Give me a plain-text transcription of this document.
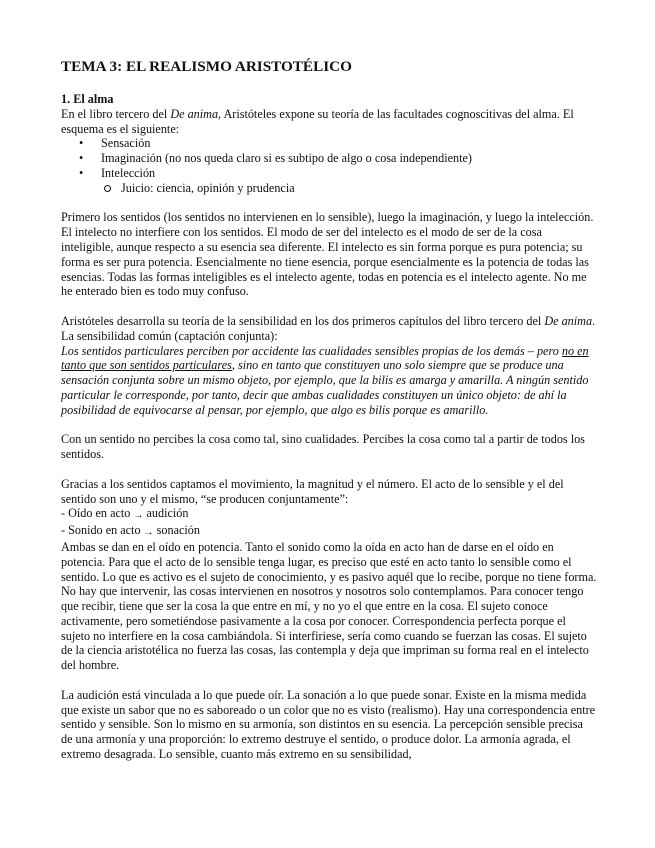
TEMA 3: EL REALISMO ARISTOTÉLICO
1. El alma

En el libro tercero del De anima, Aristóteles expone su teoría de las facultades cognoscitivas del alma. El esquema es el siguiente:

• Sensación
• Imaginación (no nos queda claro si es subtipo de algo o cosa independiente)
• Intelección
Juicio: ciencia, opinión y prudencia

Primero los sentidos (los sentidos no intervienen en lo sensible), luego la imaginación, y luego la intelección. El intelecto no interfiere con los sentidos. El modo de ser del intelecto es el modo de ser de la cosa inteligible, aunque respecto a su esencia sea diferente. El intelecto es sin forma porque es pura potencia; su forma es ser pura potencia. Esencialmente no tiene esencia, porque esencialmente es la potencia de todas las esencias. Todas las formas inteligibles es el intelecto agente, todas en potencia es el intelecto agente. No me he enterado bien es todo muy confuso.

Aristóteles desarrolla su teoría de la sensibilidad en los dos primeros capítulos del libro tercero del De anima. La sensibilidad común (captación conjunta):

Los sentidos particulares perciben por accidente las cualidades sensibles propias de los demás – pero no en tanto que son sentidos particulares, sino en tanto que constituyen uno solo siempre que se produce una sensación conjunta sobre un mismo objeto, por ejemplo, que la bilis es amarga y amarilla. A ningún sentido particular le corresponde, por tanto, decir que ambas cualidades constituyen un único objeto: de ahí la posibilidad de equivocarse al pensar, por ejemplo, que algo es bilis porque es amarillo.

Con un sentido no percibes la cosa como tal, sino cualidades. Percibes la cosa como tal a partir de todos los sentidos.

Gracias a los sentidos captamos el movimiento, la magnitud y el número. El acto de lo sensible y el del sentido son uno y el mismo, “se producen conjuntamente”:

- Oído en acto → audición

- Sonido en acto → sonación

Ambas se dan en el oído en potencia. Tanto el sonido como la oída en acto han de darse en el oído en potencia. Para que el acto de lo sensible tenga lugar, es preciso que esté en acto tanto lo sensible como el sentido. Lo que es activo es el sujeto de conocimiento, y es pasivo aquél que lo recibe, porque no tiene forma. No hay que intervenir, las cosas intervienen en nosotros y nosotros solo contemplamos. Para conocer tengo que recibir, tiene que ser la cosa la que entre en mí, y no yo el que entre en la cosa. El sujeto conoce activamente, pero sometiéndose pasivamente a la cosa por conocer. Correspondencia perfecta porque el sujeto no interfiere en la cosa cambiándola. Si interfiriese, sería como cuando se fuerzan las cosas. El sujeto de la ciencia aristotélica no fuerza las cosas, las contempla y deja que impriman su forma real en el intelecto del hombre.

La audición está vinculada a lo que puede oír. La sonación a lo que puede sonar. Existe en la misma medida que existe un sabor que no es saboreado o un color que no es visto (realismo). Hay una correspondencia entre sentido y sensible. Son lo mismo en su armonía, son distintos en su esencia. La percepción sensible precisa de una armonía y una proporción: lo extremo destruye el sentido, o produce dolor. La armonía agrada, el extremo desagrada. Lo sensible, cuanto más extremo en su sensibilidad,
